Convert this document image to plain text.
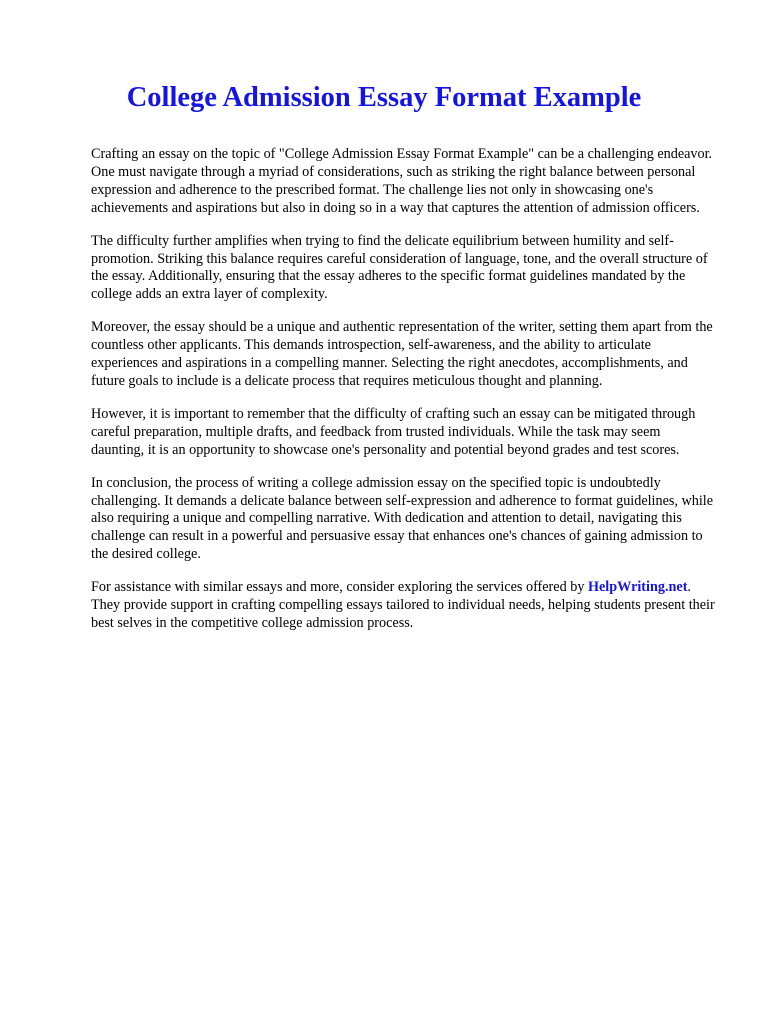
College Admission Essay Format Example

Crafting an essay on the topic of "College Admission Essay Format Example" can be a challenging endeavor. One must navigate through a myriad of considerations, such as striking the right balance between personal expression and adherence to the prescribed format. The challenge lies not only in showcasing one's achievements and aspirations but also in doing so in a way that captures the attention of admission officers.

The difficulty further amplifies when trying to find the delicate equilibrium between humility and self-promotion. Striking this balance requires careful consideration of language, tone, and the overall structure of the essay. Additionally, ensuring that the essay adheres to the specific format guidelines mandated by the college adds an extra layer of complexity.

Moreover, the essay should be a unique and authentic representation of the writer, setting them apart from the countless other applicants. This demands introspection, self-awareness, and the ability to articulate experiences and aspirations in a compelling manner. Selecting the right anecdotes, accomplishments, and future goals to include is a delicate process that requires meticulous thought and planning.

However, it is important to remember that the difficulty of crafting such an essay can be mitigated through careful preparation, multiple drafts, and feedback from trusted individuals. While the task may seem daunting, it is an opportunity to showcase one's personality and potential beyond grades and test scores.

In conclusion, the process of writing a college admission essay on the specified topic is undoubtedly challenging. It demands a delicate balance between self-expression and adherence to format guidelines, while also requiring a unique and compelling narrative. With dedication and attention to detail, navigating this challenge can result in a powerful and persuasive essay that enhances one's chances of gaining admission to the desired college.

For assistance with similar essays and more, consider exploring the services offered by HelpWriting.net. They provide support in crafting compelling essays tailored to individual needs, helping students present their best selves in the competitive college admission process.
